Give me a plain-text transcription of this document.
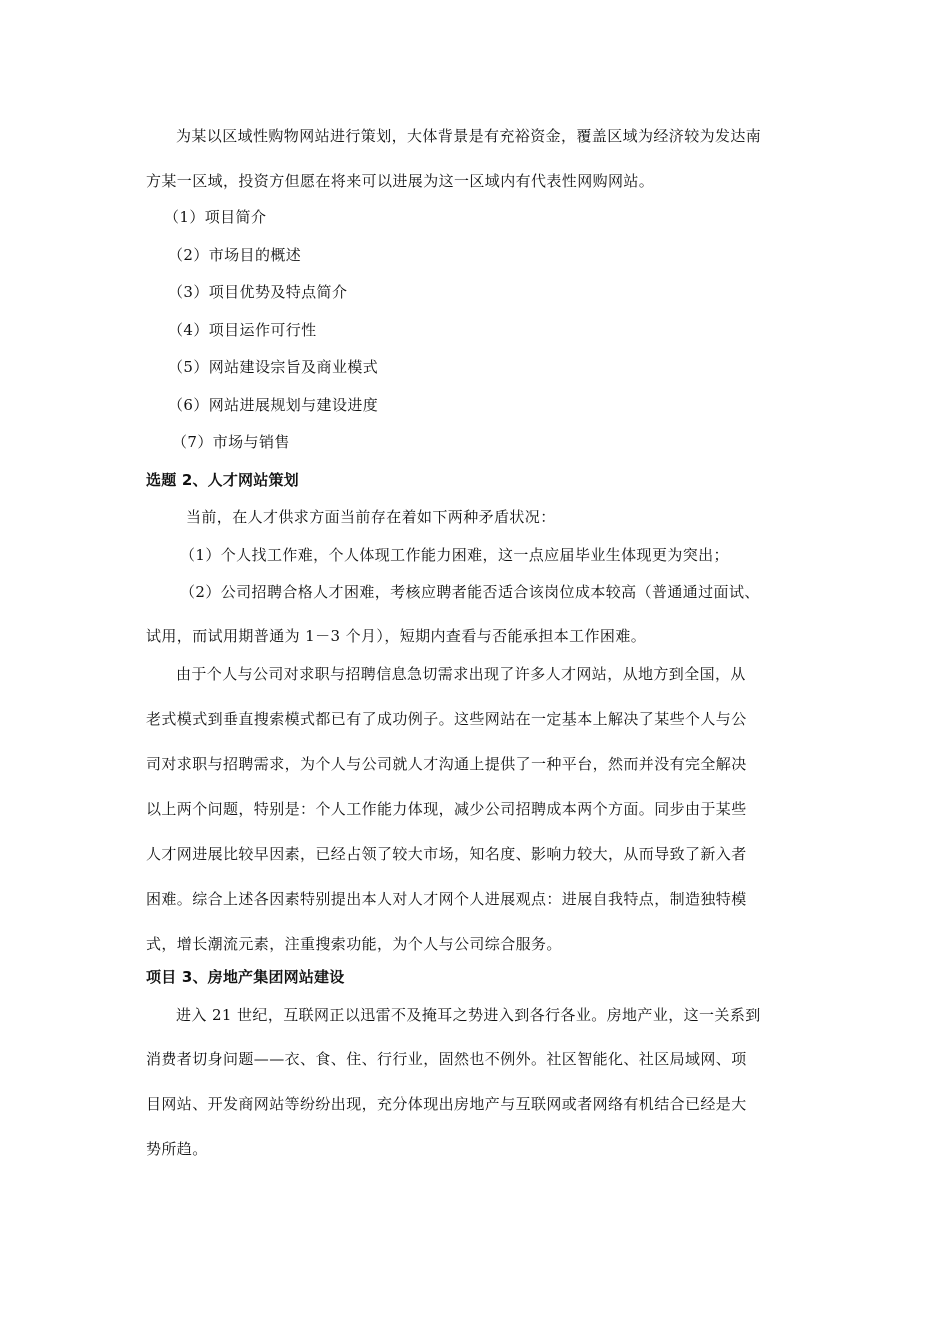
为某以区域性购物网站进行策划，大体背景是有充裕资金，覆盖区域为经济较为发达南
方某一区域，投资方但愿在将来可以进展为这一区域内有代表性网购网站。
（1）项目简介
（2）市场目的概述
（3）项目优势及特点简介
（4）项目运作可行性
（5）网站建设宗旨及商业模式
（6）网站进展规划与建设进度
（7）市场与销售
选题 2、人才网站策划
当前，在人才供求方面当前存在着如下两种矛盾状况：
（1）个人找工作难，个人体现工作能力困难，这一点应届毕业生体现更为突出；
（2）公司招聘合格人才困难，考核应聘者能否适合该岗位成本较高（普通通过面试、
试用，而试用期普通为 1－3 个月），短期内查看与否能承担本工作困难。
由于个人与公司对求职与招聘信息急切需求出现了许多人才网站，从地方到全国，从
老式模式到垂直搜索模式都已有了成功例子。这些网站在一定基本上解决了某些个人与公
司对求职与招聘需求，为个人与公司就人才沟通上提供了一种平台，然而并没有完全解决
以上两个问题，特别是：个人工作能力体现，减少公司招聘成本两个方面。同步由于某些
人才网进展比较早因素，已经占领了较大市场，知名度、影响力较大，从而导致了新入者
困难。综合上述各因素特别提出本人对人才网个人进展观点：进展自我特点，制造独特模
式，增长潮流元素，注重搜索功能，为个人与公司综合服务。
项目 3、房地产集团网站建设
进入 21 世纪，互联网正以迅雷不及掩耳之势进入到各行各业。房地产业，这一关系到
消费者切身问题——衣、食、住、行行业，固然也不例外。社区智能化、社区局域网、项
目网站、开发商网站等纷纷出现，充分体现出房地产与互联网或者网络有机结合已经是大
势所趋。
